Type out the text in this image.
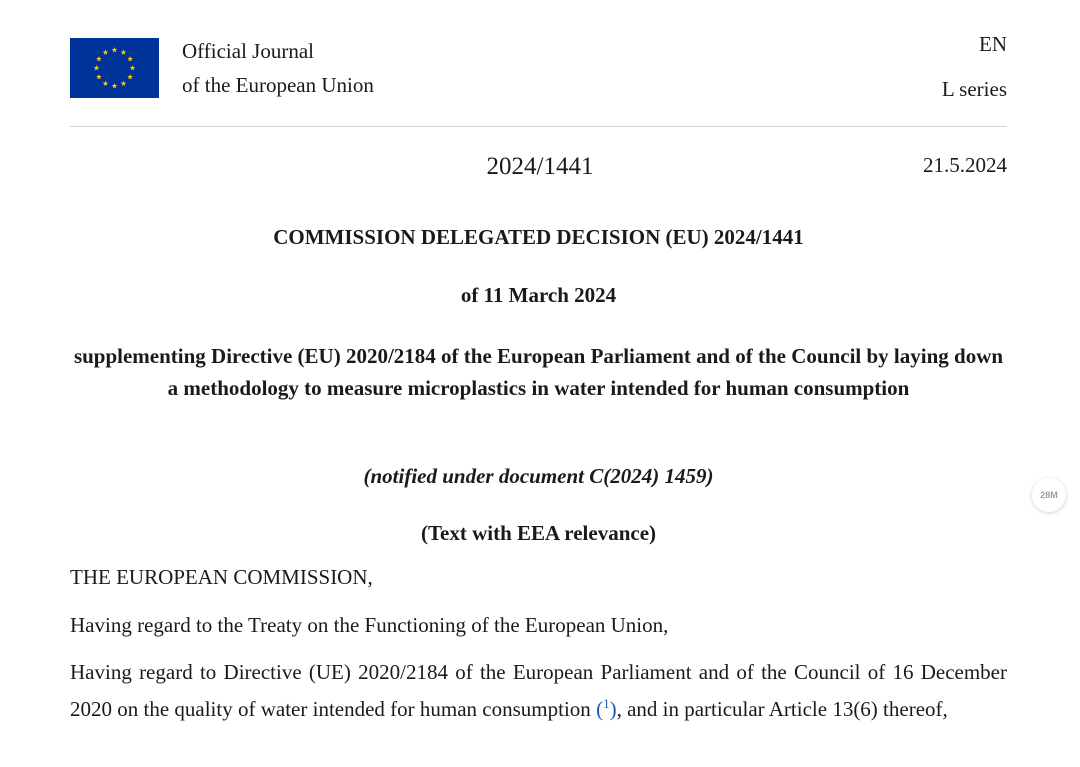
Official Journal
of the European Union
EN
L series
2024/1441	21.5.2024
COMMISSION DELEGATED DECISION (EU) 2024/1441
of 11 March 2024
supplementing Directive (EU) 2020/2184 of the European Parliament and of the Council by laying down a methodology to measure microplastics in water intended for human consumption
(notified under document C(2024) 1459)
(Text with EEA relevance)
THE EUROPEAN COMMISSION,
Having regard to the Treaty on the Functioning of the European Union,
Having regard to Directive (UE) 2020/2184 of the European Parliament and of the Council of 16 December 2020 on the quality of water intended for human consumption ($^1$), and in particular Article 13(6) thereof,
28M
